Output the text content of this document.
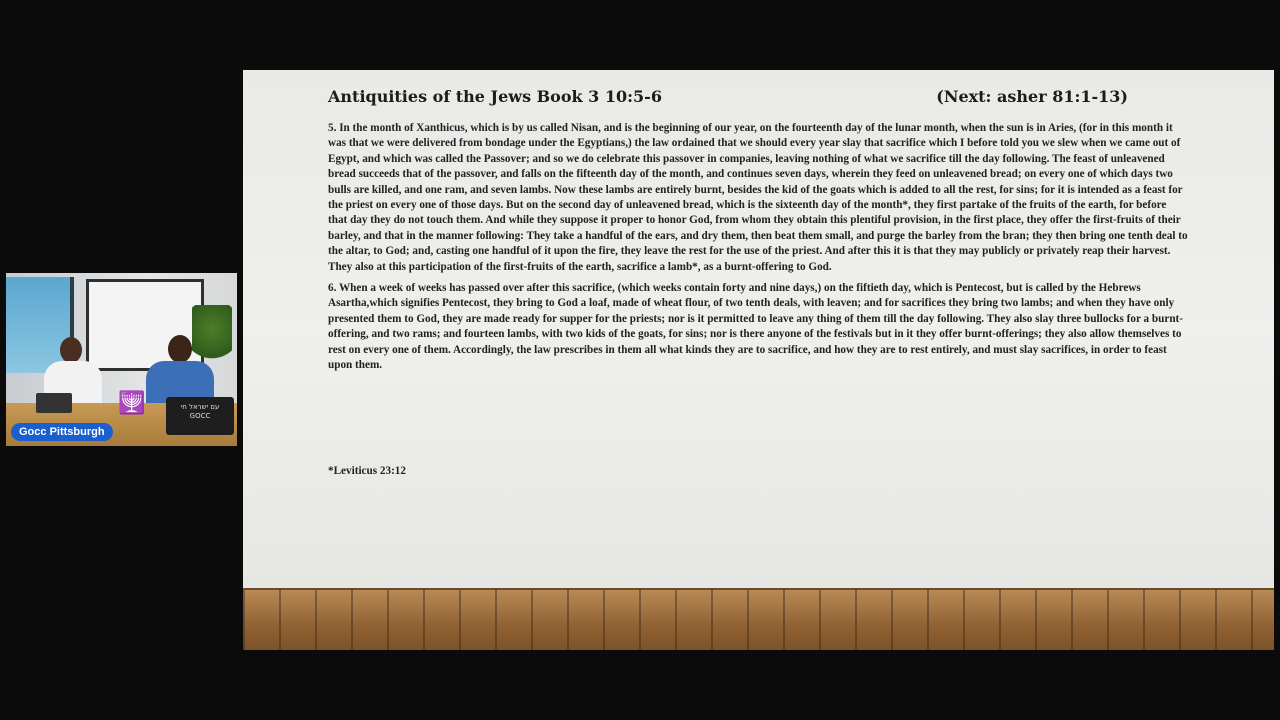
🕎	עם ישראל חי GOCC
Gocc Pittsburgh
Antiquities of the Jews Book 3 10:5-6	(Next: asher 81:1-13)

5. In the month of Xanthicus, which is by us called Nisan, and is the beginning of our year, on the fourteenth day of the lunar month, when the sun is in Aries, (for in this month it was that we were delivered from bondage under the Egyptians,) the law ordained that we should every year slay that sacrifice which I before told you we slew when we came out of Egypt, and which was called the Passover; and so we do celebrate this passover in companies, leaving nothing of what we sacrifice till the day following. The feast of unleavened bread succeeds that of the passover, and falls on the fifteenth day of the month, and continues seven days, wherein they feed on unleavened bread; on every one of which days two bulls are killed, and one ram, and seven lambs. Now these lambs are entirely burnt, besides the kid of the goats which is added to all the rest, for sins; for it is intended as a feast for the priest on every one of those days. But on the second day of unleavened bread, which is the sixteenth day of the month*, they first partake of the fruits of the earth, for before that day they do not touch them. And while they suppose it proper to honor God, from whom they obtain this plentiful provision, in the first place, they offer the first-fruits of their barley, and that in the manner following: They take a handful of the ears, and dry them, then beat them small, and purge the barley from the bran; they then bring one tenth deal to the altar, to God; and, casting one handful of it upon the fire, they leave the rest for the use of the priest. And after this it is that they may publicly or privately reap their harvest. They also at this participation of the first-fruits of the earth, sacrifice a lamb*, as a burnt-offering to God.

6. When a week of weeks has passed over after this sacrifice, (which weeks contain forty and nine days,) on the fiftieth day, which is Pentecost, but is called by the Hebrews Asartha,which signifies Pentecost, they bring to God a loaf, made of wheat flour, of two tenth deals, with leaven; and for sacrifices they bring two lambs; and when they have only presented them to God, they are made ready for supper for the priests; nor is it permitted to leave any thing of them till the day following. They also slay three bullocks for a burnt-offering, and two rams; and fourteen lambs, with two kids of the goats, for sins; nor is there anyone of the festivals but in it they offer burnt-offerings; they also allow themselves to rest on every one of them. Accordingly, the law prescribes in them all what kinds they are to sacrifice, and how they are to rest entirely, and must slay sacrifices, in order to feast upon them.

*Leviticus 23:12
